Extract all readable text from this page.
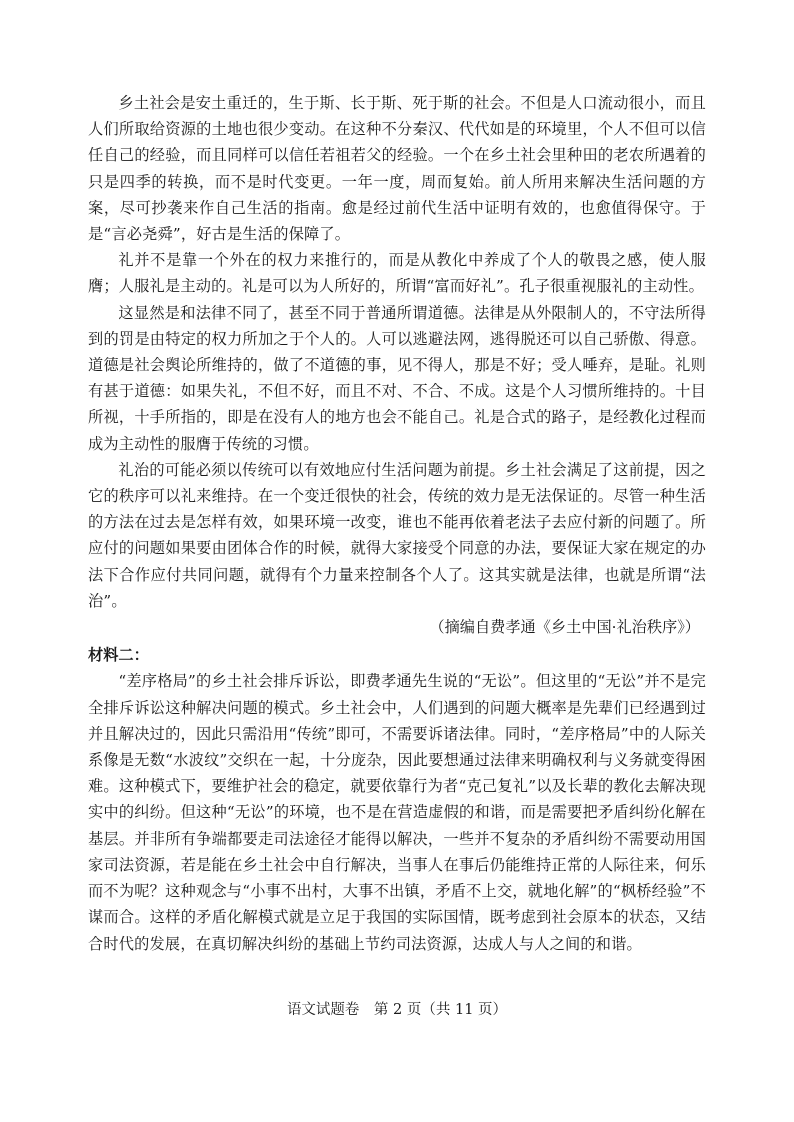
乡土社会是安土重迁的，生于斯、长于斯、死于斯的社会。不但是人口流动很小，而且人们所取给资源的土地也很少变动。在这种不分秦汉、代代如是的环境里，个人不但可以信任自己的经验，而且同样可以信任若祖若父的经验。一个在乡土社会里种田的老农所遇着的只是四季的转换，而不是时代变更。一年一度，周而复始。前人所用来解决生活问题的方案，尽可抄袭来作自己生活的指南。愈是经过前代生活中证明有效的，也愈值得保守。于是“言必尧舜”，好古是生活的保障了。

礼并不是靠一个外在的权力来推行的，而是从教化中养成了个人的敬畏之感，使人服膺；人服礼是主动的。礼是可以为人所好的，所谓“富而好礼”。孔子很重视服礼的主动性。

这显然是和法律不同了，甚至不同于普通所谓道德。法律是从外限制人的，不守法所得到的罚是由特定的权力所加之于个人的。人可以逃避法网，逃得脱还可以自己骄傲、得意。道德是社会舆论所维持的，做了不道德的事，见不得人，那是不好；受人唾弃，是耻。礼则有甚于道德：如果失礼，不但不好，而且不对、不合、不成。这是个人习惯所维持的。十目所视，十手所指的，即是在没有人的地方也会不能自己。礼是合式的路子，是经教化过程而成为主动性的服膺于传统的习惯。

礼治的可能必须以传统可以有效地应付生活问题为前提。乡土社会满足了这前提，因之它的秩序可以礼来维持。在一个变迁很快的社会，传统的效力是无法保证的。尽管一种生活的方法在过去是怎样有效，如果环境一改变，谁也不能再依着老法子去应付新的问题了。所应付的问题如果要由团体合作的时候，就得大家接受个同意的办法，要保证大家在规定的办法下合作应付共同问题，就得有个力量来控制各个人了。这其实就是法律，也就是所谓“法治”。

（摘编自费孝通《乡土中国·礼治秩序》）

材料二：

“差序格局”的乡土社会排斥诉讼，即费孝通先生说的“无讼”。但这里的“无讼”并不是完全排斥诉讼这种解决问题的模式。乡土社会中，人们遇到的问题大概率是先辈们已经遇到过并且解决过的，因此只需沿用“传统”即可，不需要诉诸法律。同时，“差序格局”中的人际关系像是无数“水波纹”交织在一起，十分庞杂，因此要想通过法律来明确权利与义务就变得困难。这种模式下，要维护社会的稳定，就要依靠行为者“克己复礼”以及长辈的教化去解决现实中的纠纷。但这种“无讼”的环境，也不是在营造虚假的和谐，而是需要把矛盾纠纷化解在基层。并非所有争端都要走司法途径才能得以解决，一些并不复杂的矛盾纠纷不需要动用国家司法资源，若是能在乡土社会中自行解决，当事人在事后仍能维持正常的人际往来，何乐而不为呢？这种观念与“小事不出村，大事不出镇，矛盾不上交，就地化解”的“枫桥经验”不谋而合。这样的矛盾化解模式就是立足于我国的实际国情，既考虑到社会原本的状态，又结合时代的发展，在真切解决纠纷的基础上节约司法资源，达成人与人之间的和谐。

语文试题卷　第 2 页（共 11 页）
